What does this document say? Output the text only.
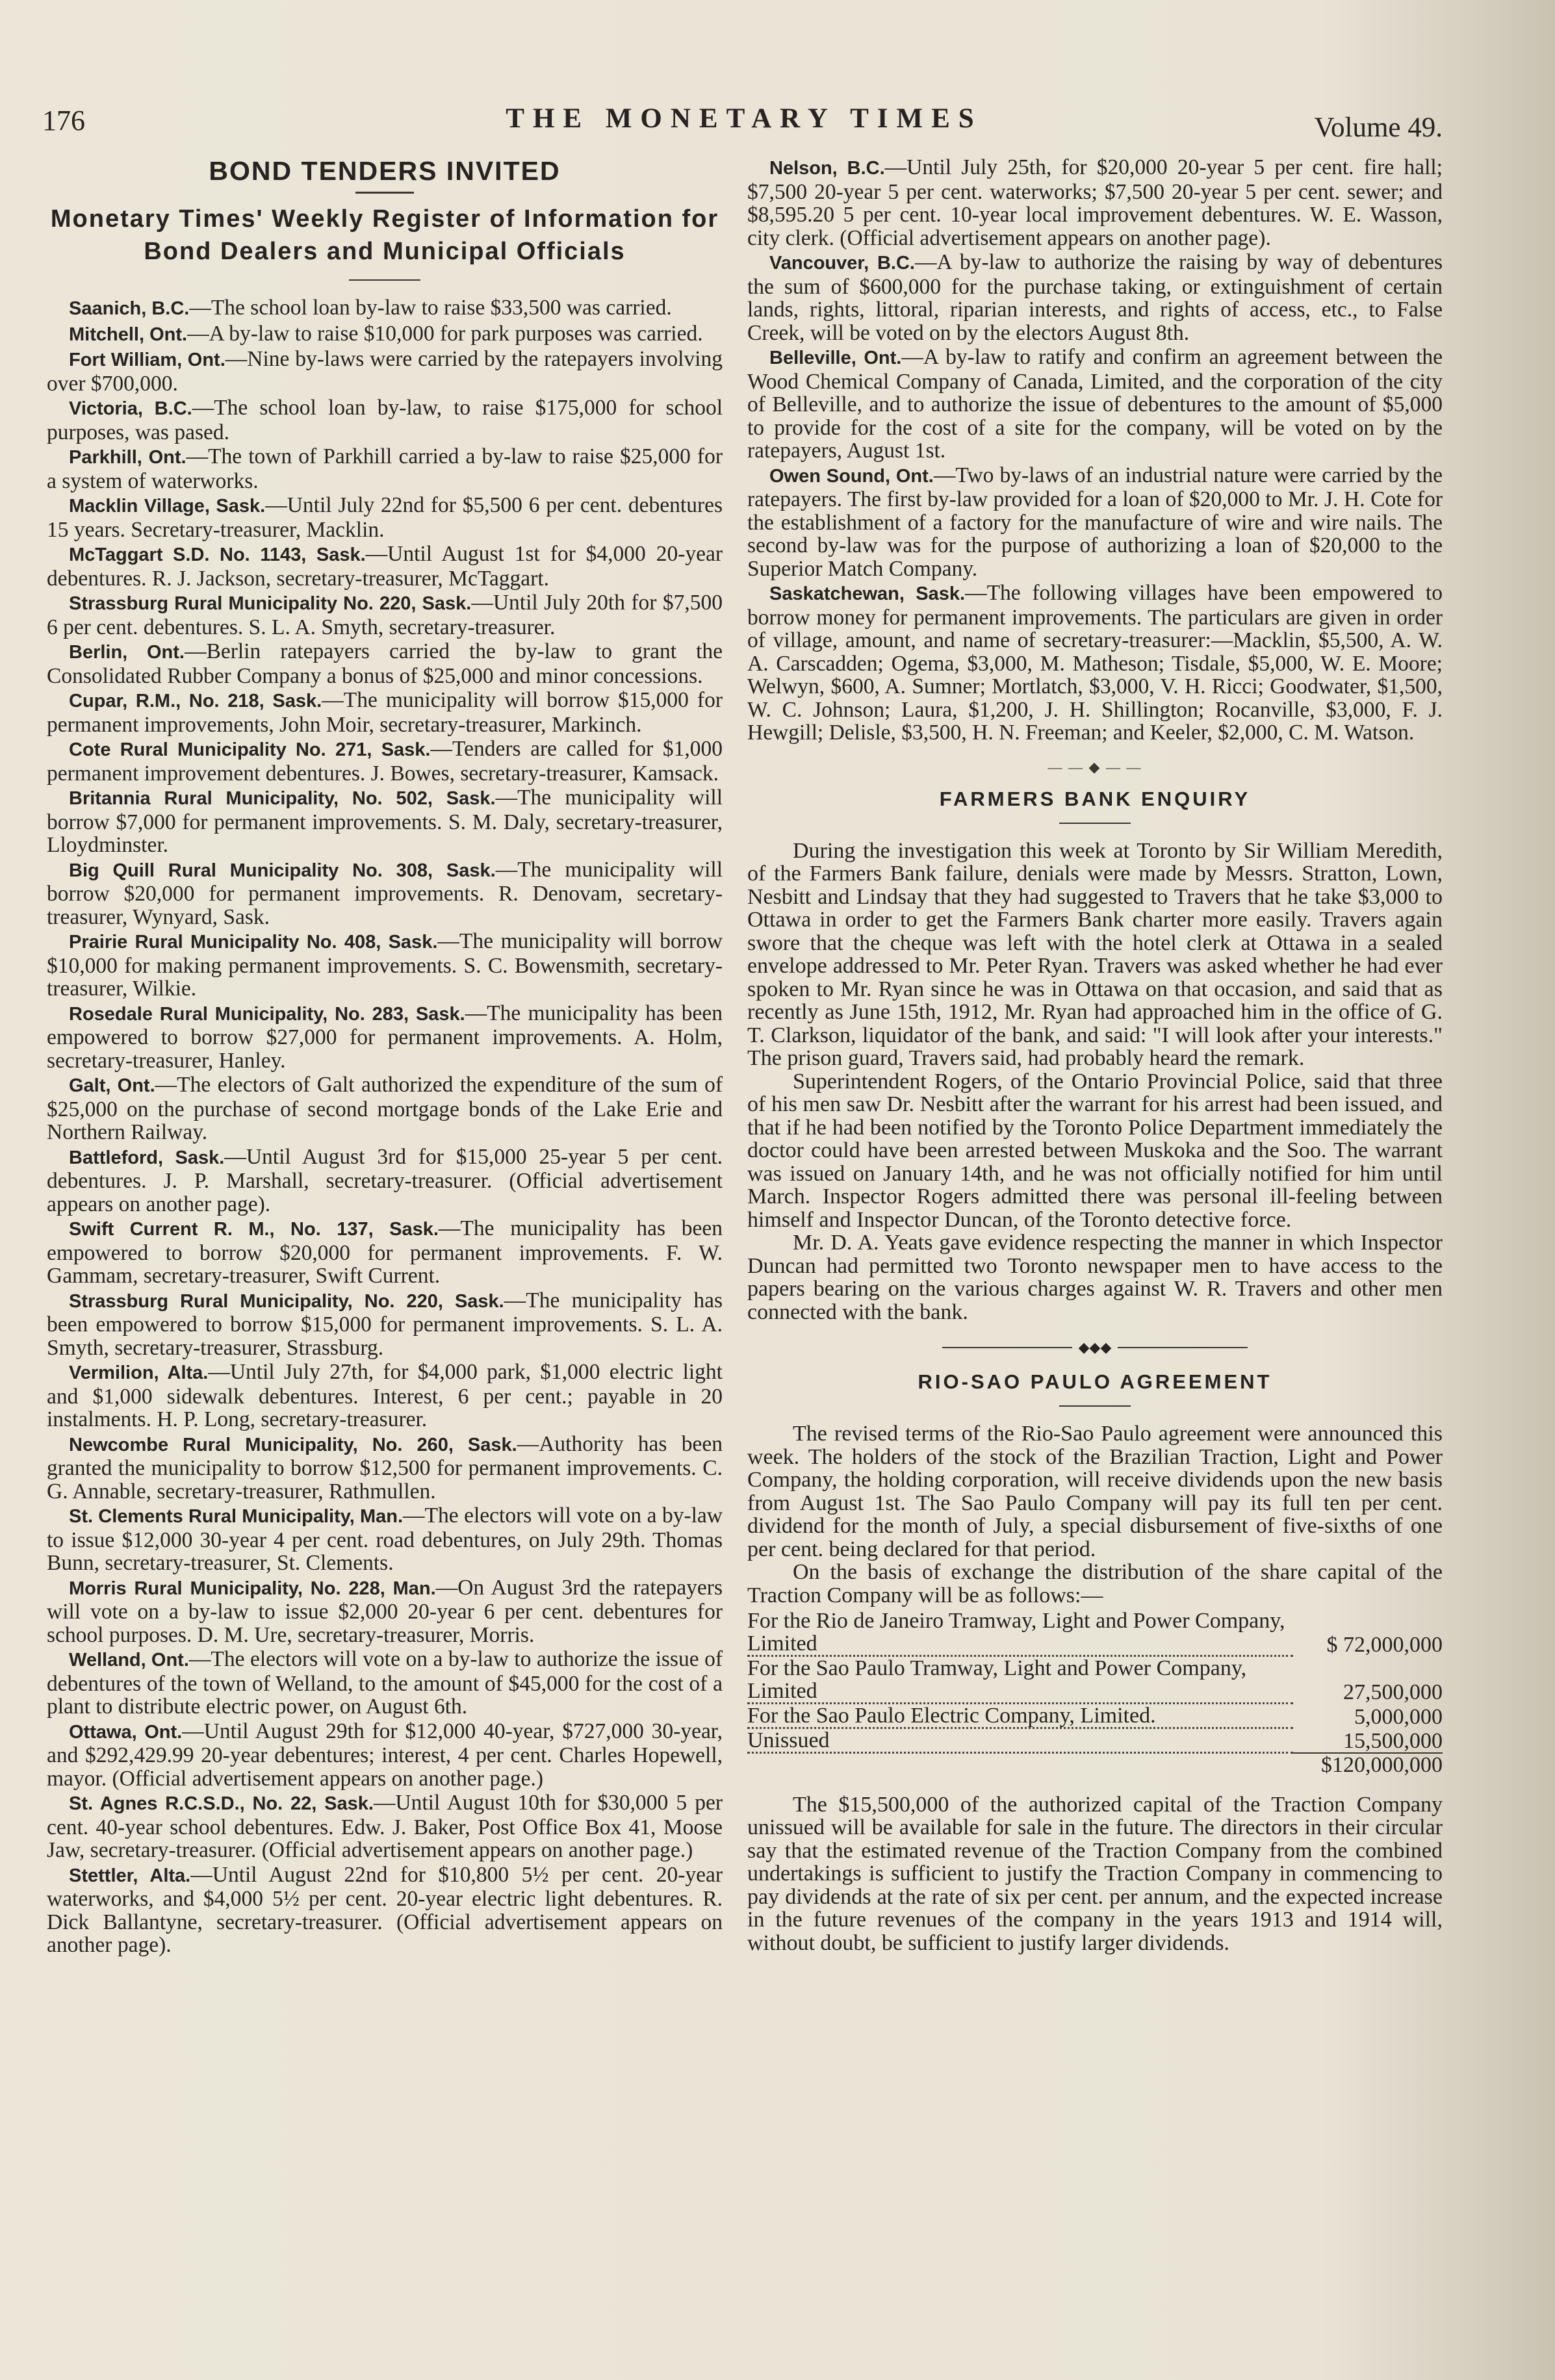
176	THE MONETARY TIMES	Volume 49.
BOND TENDERS INVITED
Monetary Times' Weekly Register of Information for
Bond Dealers and Municipal Officials

Saanich, B.C.—The school loan by-law to raise $33,500 was carried.

Mitchell, Ont.—A by-law to raise $10,000 for park purposes was carried.

Fort William, Ont.—Nine by-laws were carried by the ratepayers involving over $700,000.

Victoria, B.C.—The school loan by-law, to raise $175,000 for school purposes, was pased.

Parkhill, Ont.—The town of Parkhill carried a by-law to raise $25,000 for a system of waterworks.

Macklin Village, Sask.—Until July 22nd for $5,500 6 per cent. debentures 15 years. Secretary-treasurer, Macklin.

McTaggart S.D. No. 1143, Sask.—Until August 1st for $4,000 20-year debentures. R. J. Jackson, secretary-treasurer, McTaggart.

Strassburg Rural Municipality No. 220, Sask.—Until July 20th for $7,500 6 per cent. debentures. S. L. A. Smyth, secretary-treasurer.

Berlin, Ont.—Berlin ratepayers carried the by-law to grant the Consolidated Rubber Company a bonus of $25,000 and minor concessions.

Cupar, R.M., No. 218, Sask.—The municipality will borrow $15,000 for permanent improvements, John Moir, secretary-treasurer, Markinch.

Cote Rural Municipality No. 271, Sask.—Tenders are called for $1,000 permanent improvement debentures. J. Bowes, secretary-treasurer, Kamsack.

Britannia Rural Municipality, No. 502, Sask.—The municipality will borrow $7,000 for permanent improvements. S. M. Daly, secretary-treasurer, Lloydminster.

Big Quill Rural Municipality No. 308, Sask.—The municipality will borrow $20,000 for permanent improvements. R. Denovam, secretary-treasurer, Wynyard, Sask.

Prairie Rural Municipality No. 408, Sask.—The municipality will borrow $10,000 for making permanent improvements. S. C. Bowensmith, secretary-treasurer, Wilkie.

Rosedale Rural Municipality, No. 283, Sask.—The municipality has been empowered to borrow $27,000 for permanent improvements. A. Holm, secretary-treasurer, Hanley.

Galt, Ont.—The electors of Galt authorized the expenditure of the sum of $25,000 on the purchase of second mortgage bonds of the Lake Erie and Northern Railway.

Battleford, Sask.—Until August 3rd for $15,000 25-year 5 per cent. debentures. J. P. Marshall, secretary-treasurer. (Official advertisement appears on another page).

Swift Current R. M., No. 137, Sask.—The municipality has been empowered to borrow $20,000 for permanent improvements. F. W. Gammam, secretary-treasurer, Swift Current.

Strassburg Rural Municipality, No. 220, Sask.—The municipality has been empowered to borrow $15,000 for permanent improvements. S. L. A. Smyth, secretary-treasurer, Strassburg.

Vermilion, Alta.—Until July 27th, for $4,000 park, $1,000 electric light and $1,000 sidewalk debentures. Interest, 6 per cent.; payable in 20 instalments. H. P. Long, secretary-treasurer.

Newcombe Rural Municipality, No. 260, Sask.—Authority has been granted the municipality to borrow $12,500 for permanent improvements. C. G. Annable, secretary-treasurer, Rathmullen.

St. Clements Rural Municipality, Man.—The electors will vote on a by-law to issue $12,000 30-year 4 per cent. road debentures, on July 29th. Thomas Bunn, secretary-treasurer, St. Clements.

Morris Rural Municipality, No. 228, Man.—On August 3rd the ratepayers will vote on a by-law to issue $2,000 20-year 6 per cent. debentures for school purposes. D. M. Ure, secretary-treasurer, Morris.

Welland, Ont.—The electors will vote on a by-law to authorize the issue of debentures of the town of Welland, to the amount of $45,000 for the cost of a plant to distribute electric power, on August 6th.

Ottawa, Ont.—Until August 29th for $12,000 40-year, $727,000 30-year, and $292,429.99 20-year debentures; interest, 4 per cent. Charles Hopewell, mayor. (Official advertisement appears on another page.)

St. Agnes R.C.S.D., No. 22, Sask.—Until August 10th for $30,000 5 per cent. 40-year school debentures. Edw. J. Baker, Post Office Box 41, Moose Jaw, secretary-treasurer. (Official advertisement appears on another page.)

Stettler, Alta.—Until August 22nd for $10,800 5½ per cent. 20-year waterworks, and $4,000 5½ per cent. 20-year electric light debentures. R. Dick Ballantyne, secretary-treasurer. (Official advertisement appears on another page).

Nelson, B.C.—Until July 25th, for $20,000 20-year 5 per cent. fire hall; $7,500 20-year 5 per cent. waterworks; $7,500 20-year 5 per cent. sewer; and $8,595.20 5 per cent. 10-year local improvement debentures. W. E. Wasson, city clerk. (Official advertisement appears on another page).

Vancouver, B.C.—A by-law to authorize the raising by way of debentures the sum of $600,000 for the purchase taking, or extinguishment of certain lands, rights, littoral, riparian interests, and rights of access, etc., to False Creek, will be voted on by the electors August 8th.

Belleville, Ont.—A by-law to ratify and confirm an agreement between the Wood Chemical Company of Canada, Limited, and the corporation of the city of Belleville, and to authorize the issue of debentures to the amount of $5,000 to provide for the cost of a site for the company, will be voted on by the ratepayers, August 1st.

Owen Sound, Ont.—Two by-laws of an industrial nature were carried by the ratepayers. The first by-law provided for a loan of $20,000 to Mr. J. H. Cote for the establishment of a factory for the manufacture of wire and wire nails. The second by-law was for the purpose of authorizing a loan of $20,000 to the Superior Match Company.

Saskatchewan, Sask.—The following villages have been empowered to borrow money for permanent improvements. The particulars are given in order of village, amount, and name of secretary-treasurer:—Macklin, $5,500, A. W. A. Carscadden; Ogema, $3,000, M. Matheson; Tisdale, $5,000, W. E. Moore; Welwyn, $600, A. Sumner; Mortlatch, $3,000, V. H. Ricci; Goodwater, $1,500, W. C. Johnson; Laura, $1,200, J. H. Shillington; Rocanville, $3,000, F. J. Hewgill; Delisle, $3,500, H. N. Freeman; and Keeler, $2,000, C. M. Watson.

— — ◆ — —
FARMERS BANK ENQUIRY

During the investigation this week at Toronto by Sir William Meredith, of the Farmers Bank failure, denials were made by Messrs. Stratton, Lown, Nesbitt and Lindsay that they had suggested to Travers that he take $3,000 to Ottawa in order to get the Farmers Bank charter more easily. Travers again swore that the cheque was left with the hotel clerk at Ottawa in a sealed envelope addressed to Mr. Peter Ryan. Travers was asked whether he had ever spoken to Mr. Ryan since he was in Ottawa on that occasion, and said that as recently as June 15th, 1912, Mr. Ryan had approached him in the office of G. T. Clarkson, liquidator of the bank, and said: "I will look after your interests." The prison guard, Travers said, had probably heard the remark.

Superintendent Rogers, of the Ontario Provincial Police, said that three of his men saw Dr. Nesbitt after the warrant for his arrest had been issued, and that if he had been notified by the Toronto Police Department immediately the doctor could have been arrested between Muskoka and the Soo. The warrant was issued on January 14th, and he was not officially notified for him until March. Inspector Rogers admitted there was personal ill-feeling between himself and Inspector Duncan, of the Toronto detective force.

Mr. D. A. Yeats gave evidence respecting the manner in which Inspector Duncan had permitted two Toronto newspaper men to have access to the papers bearing on the various charges against W. R. Travers and other men connected with the bank.

◆◆◆
RIO-SAO PAULO AGREEMENT

The revised terms of the Rio-Sao Paulo agreement were announced this week. The holders of the stock of the Brazilian Traction, Light and Power Company, the holding corporation, will receive dividends upon the new basis from August 1st. The Sao Paulo Company will pay its full ten per cent. dividend for the month of July, a special disbursement of five-sixths of one per cent. being declared for that period.

On the basis of exchange the distribution of the share capital of the Traction Company will be as follows:—

For the Rio de Janeiro Tramway, Light and Power Company, Limited	$ 72,000,000
For the Sao Paulo Tramway, Light and Power Company, Limited	27,500,000
For the Sao Paulo Electric Company, Limited.	5,000,000
Unissued	15,500,000
	$120,000,000

The $15,500,000 of the authorized capital of the Traction Company unissued will be available for sale in the future. The directors in their circular say that the estimated revenue of the Traction Company from the combined undertakings is sufficient to justify the Traction Company in commencing to pay dividends at the rate of six per cent. per annum, and the expected increase in the future revenues of the company in the years 1913 and 1914 will, without doubt, be sufficient to justify larger dividends.
